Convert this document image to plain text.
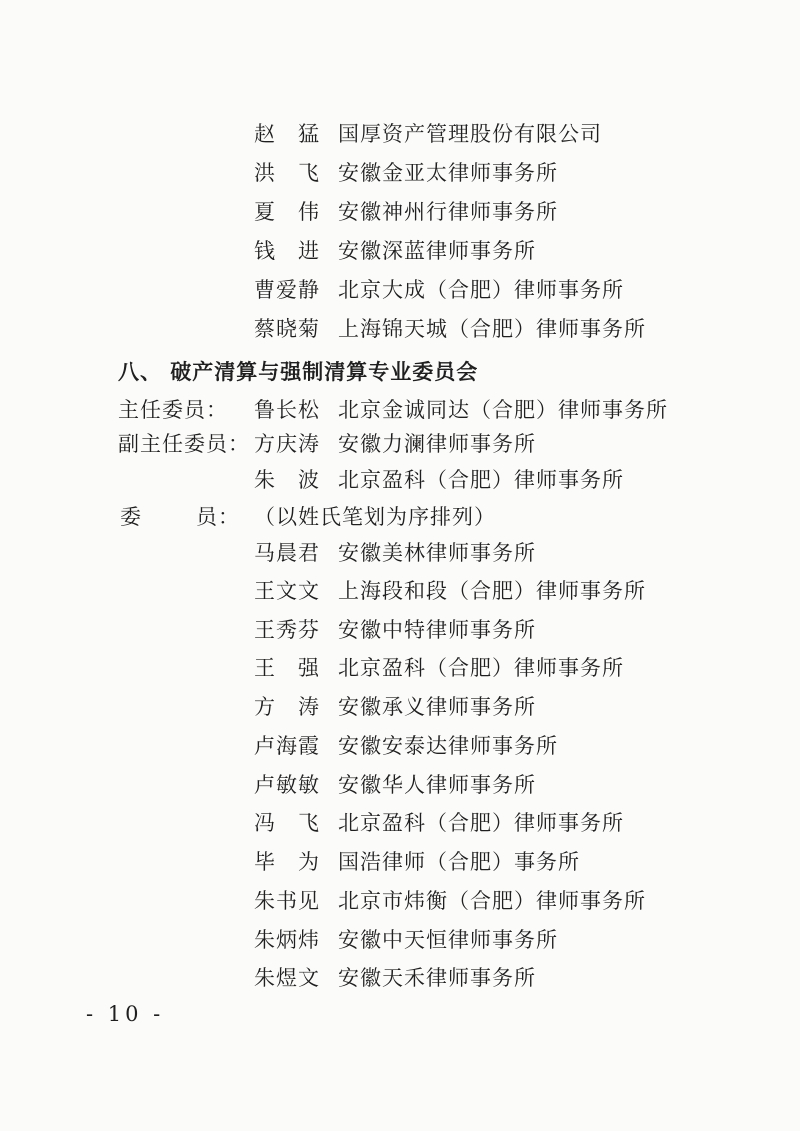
赵　猛 国厚资产管理股份有限公司
洪　飞 安徽金亚太律师事务所
夏　伟 安徽神州行律师事务所
钱　进 安徽深蓝律师事务所
曹爱静 北京大成（合肥）律师事务所
蔡晓菊 上海锦天城（合肥）律师事务所
八、 破产清算与强制清算专业委员会
主任委员： 鲁长松 北京金诚同达（合肥）律师事务所
副主任委员： 方庆涛 安徽力澜律师事务所
朱　波 北京盈科（合肥）律师事务所
委	员： （以姓氏笔划为序排列）
马晨君 安徽美林律师事务所
王文文 上海段和段（合肥）律师事务所
王秀芬 安徽中特律师事务所
王　强 北京盈科（合肥）律师事务所
方　涛 安徽承义律师事务所
卢海霞 安徽安泰达律师事务所
卢敏敏 安徽华人律师事务所
冯　飞 北京盈科（合肥）律师事务所
毕　为 国浩律师（合肥）事务所
朱书见 北京市炜衡（合肥）律师事务所
朱炳炜 安徽中天恒律师事务所
朱煜文 安徽天禾律师事务所
- 10 -
